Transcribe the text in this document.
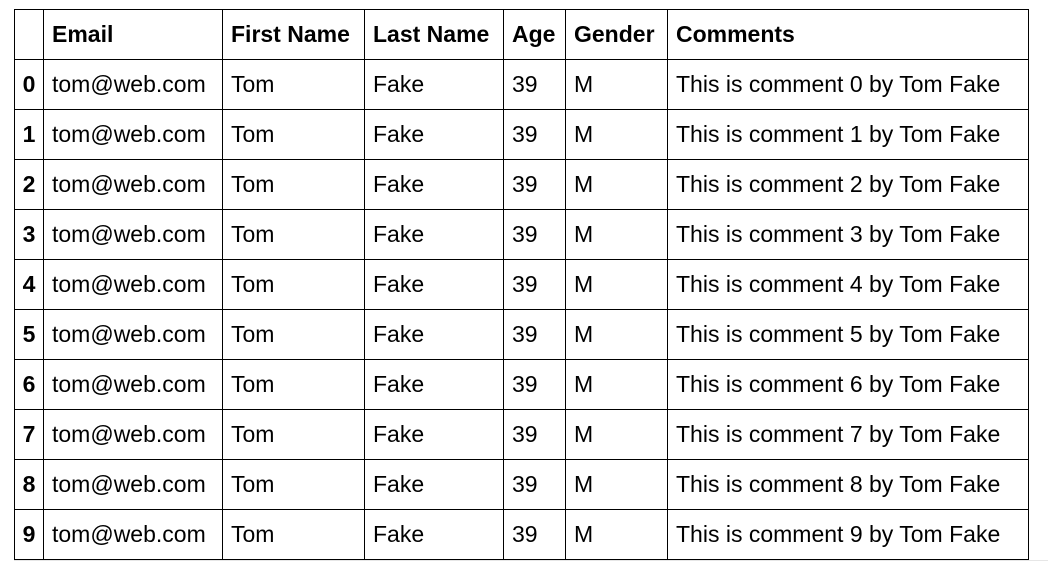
	Email	First Name	Last Name	Age	Gender	Comments
0	tom@web.com	Tom	Fake	39	M	This is comment 0 by Tom Fake
1	tom@web.com	Tom	Fake	39	M	This is comment 1 by Tom Fake
2	tom@web.com	Tom	Fake	39	M	This is comment 2 by Tom Fake
3	tom@web.com	Tom	Fake	39	M	This is comment 3 by Tom Fake
4	tom@web.com	Tom	Fake	39	M	This is comment 4 by Tom Fake
5	tom@web.com	Tom	Fake	39	M	This is comment 5 by Tom Fake
6	tom@web.com	Tom	Fake	39	M	This is comment 6 by Tom Fake
7	tom@web.com	Tom	Fake	39	M	This is comment 7 by Tom Fake
8	tom@web.com	Tom	Fake	39	M	This is comment 8 by Tom Fake
9	tom@web.com	Tom	Fake	39	M	This is comment 9 by Tom Fake
